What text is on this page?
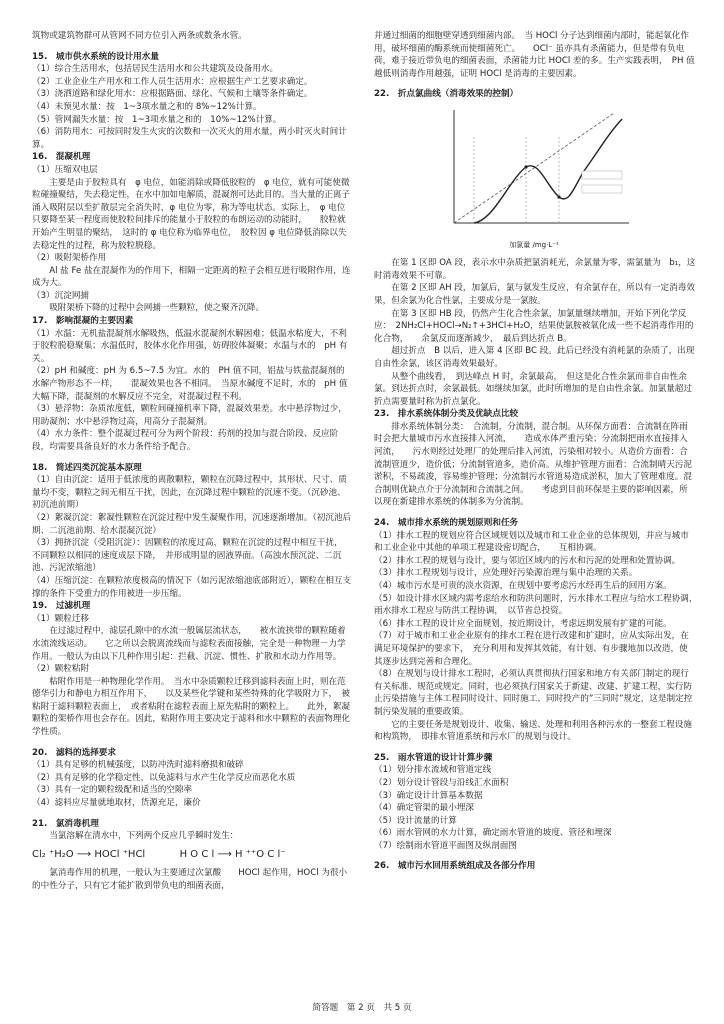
筑物或建筑物群可从管网不同方位引入两条或数条水管。

15.　城市供水系统的设计用水量

（1）综合生活用水，包括居民生活用水和公共建筑及设备用水。

（2）工业企业生产用水和工作人员生活用水：应根据生产工艺要求确定。

（3）浇洒道路和绿化用水：应根据路面、绿化、气候和土壤等条件确定。

（4）未预见水量：按　1~3项水量之和的 8%~12%计算。

（5）管网漏失水量：按　1~3项水量之和的　10%~12%计算。

（6）消防用水：可按同时发生火灾的次数和一次灭火的用水量，两小时灭火时间计算。

16.　混凝机理

（1）压缩双电层

主要是由于胶粒具有　φ 电位，如能消除或降低胶粒的　φ 电位，就有可能使微粒碰撞聚结，失去稳定性，在水中加如电解质，混凝剂可达此目的。当大量的正离子涌入吸附层以至扩散层完全消失时，φ 电位为零，称为等电状态。实际上，　φ 电位只要降至某一程度而使胶粒间排斥的能量小于胶粒的布朗运动的动能时，　　胶粒就开始产生明显的聚结，　这时的 φ 电位称为临界电位，　胶粒因 φ 电位降低消除以失去稳定性的过程，称为胶粒脱稳。

（2）吸附架桥作用

Al 盐 Fe 盐在混凝作为的作用下，相隔一定距离的粒子会相互进行吸附作用，连成为大。

（3）沉淀网捕

吸附架桥下降的过程中会网捕一些颗粒，使之聚齐沉降。

17.　影响混凝的主要因素

（1）水温：无机盐混凝剂水解吸热，低温水混凝剂水解困难；低温水粘度大，不利于胶粒脱稳聚集；水温低时，胶体水化作用强，妨碍胶体凝聚；水温与水的　pH 有关。

（2）pH 和碱度：pH 为 6.5~7.5 为宜。水的　PH 值不同，铝盐与铁盐混凝剂的水解产物形态不一样，　　混凝效果也各不相同。　当原水碱度不足时，水的　pH 值大幅下降，混凝剂的水解反应不完全，对混凝过程不利。

（3）悬浮物：杂质浓度低，颗粒间碰撞机率下降，混凝效果差。水中悬浮物过少，用助凝剂；水中悬浮物过高，用高分子混凝剂。

（4）水力条件：整个混凝过程可分为两个阶段：药剂的投加与混合阶段、反应阶段，均需要具备良好的水力条件给予配合。

18.　简述四类沉淀基本原理

（1）自由沉淀：适用于低浓度的离散颗粒，颗粒在沉降过程中，其形状、尺寸、质量均不变，颗粒之间无相互干扰，因此，在沉降过程中颗粒的沉速不变。（沉砂池、初沉池前期）

（2）絮凝沉淀：絮凝性颗粒在沉淀过程中发生凝聚作用，沉速逐渐增加。（初沉池后期、二沉池前期、给水混凝沉淀）

（3）拥挤沉淀（受阻沉淀）：因颗粒的浓度过高，颗粒在沉淀的过程中相互干扰，　不同颗粒以相同的速度成层下降，　并形成明显的固液界面。（高浊水预沉淀、二沉池、污泥浓缩池）

（4）压缩沉淀：在颗粒浓度极高的情况下（如污泥浓缩池底部附近），颗粒在相互支撑的条件下受重力的作用被进一步压缩。

19.　过滤机理

（1）颗粒迁移

在过滤过程中，滤层孔隙中的水流一般属层流状态，　　被水流挟带的颗粒随着水流流线运动。　　它之所以会脱离流线而与滤粒表面接触，完全是一种物理－力学作用。一般认为由以下几种作用引起：拦截、沉淀、惯性、扩散和水动力作用等。

（2）颗粒粘附

粘附作用是一种物理化学作用。　当水中杂质颗粒迁移到滤料表面上时，则在范德华引力和静电力相互作用下，　　以及某些化学键和某些特殊的化学吸附力下，　被粘附于滤料颗粒表面上，　或者粘附在滤粒表面上原先粘附的颗粒上。　　此外，絮凝颗粒的架桥作用也会存在。因此，粘附作用主要决定于滤料和水中颗粒的表面物理化学性质。

20.　滤料的选择要求

（1）具有足够的机械强度，以防冲洗时滤料磨损和破碎

（2）具有足够的化学稳定性，以免滤料与水产生化学反应而恶化水质

（3）具有一定的颗粒级配和适当的空隙率

（4）滤料应尽量就地取材，货源充足，廉价

21.　氯消毒机理

当氯溶解在清水中，下列两个反应几乎瞬时发生：

Cl₂ ⁺H₂O ⟶ HOCl ⁺HCl	H O C l ⟶ H ⁺⁺O C l⁻

氯消毒作用的机理，一般认为主要通过次氯酸　　HOCl 起作用，HOCl 为很小的中性分子，只有它才能扩散到带负电的细菌表面，

并通过细菌的细胞壁穿透到细菌内部。　当 HOCl 分子达到细菌内部时，能起氧化作用，破坏细菌的酶系统而使细菌死亡。　　OCl⁻ 虽亦具有杀菌能力，但是带有负电荷，难于接近带负电的细菌表面，杀菌能力比 HOCl 差的多。生产实践表明，　PH 值越低则消毒作用越强，证明 HOCl 是消毒的主要因素。

22.　折点氯曲线（消毒效果的控制）

加氯量 /mg·L⁻¹

在第 1 区即 OA 段，表示水中杂质把氯消耗光，余氯量为零，需氯量为　b₁，这时消毒效果不可靠。

在第 2 区即 AH 段，加氯后，氯与氨发生反应，有余氯存在，所以有一定消毒效果，但余氯为化合性氯，主要成分是一氯胺。

在第 3 区即 HB 段，仍然产生化合性余氯，加氯量继续增加，开始下列化学反应：　2NH₂Cl+HOCl→N₂↑+3HCl+H₂O，结果使氯胺被氧化成一些不起消毒作用的化合物，　　余氯反而逐渐减少，　最后到达折点 B。

超过折点　B 以后，进入第 4 区即 BC 段。此后已经没有消耗氯的杂质了，出现自由性余氯，该区消毒效果最好。

从整个曲线看，　到达峰点 H 时，余氯最高，　但这是化合性余氯而非自由性余氯。到达折点时，余氯最低。如继续加氯，此时所增加的是自由性余氯。加氯量超过折点需要量时称为折点氯化。

23.　排水系统体制分类及优缺点比较

排水系统体制分类：　合流制，分流制，混合制。从环保方面看：合流制在阵雨时会把大量城市污水直接排入河流，　　造成水体严重污染；分流制把雨水直接排入河流，　　污水则经过处理厂的处理后排入河流，污染相对较小。从造价方面看：合流制管道少，造价低；分流制管道多，造价高。从维护管理方面看：合流制晴天污泥淤积，不易疏浚，容易维护管理；分流制污水管道易造成淤积，加大了管理难度。混合制则优缺点介于分流制和合流制之间。　　考虑到目前环保是主要的影响因素，所以现在新建排水系统的体制多为分流制。

24.　城市排水系统的规划原则和任务

（1）排水工程的规划应符合区域规划以及城市和工业企业的总体规划，并应与城市和工业企业中其他的单项工程建设密切配合，　　互相协调。

（2）排水工程的规划与设计，要与邻近区域内的污水和污泥的处理和处置协调。

（3）排水工程规划与设计，应处理好污染源治理与集中治理的关系。

（4）城市污水是可贵的淡水资源，在规划中要考虑污水经再生后的回用方案。

（5）如设计排水区域内需考虑给水和防洪问题时，污水排水工程应与给水工程协调，　雨水排水工程应与防洪工程协调，　以节省总投资。

（6）排水工程的设计应全面规划，按近期设计，考虑远期发展有扩建的可能。

（7）对于城市和工业企业原有的排水工程在进行改建和扩建时，应从实际出发，在满足环境保护的要求下，　充分利用和发挥其效能，有计划、有步骤地加以改造，使其逐步达到完善和合理化。

（8）在规划与设计排水工程时，必须认真贯彻执行国家和地方有关部门制定的现行有关标准、规范或规定。同时，也必须执行国家关于新建、改建、扩建工程，实行防止污染措施与主体工程同时设计、同时施工、同时投产的”三同时”规定，这是制定控制污染发展的重要政策。

它的主要任务是规划设计、收集、输送、处理和利用各种污水的一整套工程设施和构筑物，　即排水管道系统和污水厂的规划与设计。

25.　雨水管道的设计计算步骤

（1）划分排水流域和管道定线

（2）划分设计管段与沿线汇水面积

（3）确定设计计算基本数据

（4）确定管渠的最小埋深

（5）设计流量的计算

（6）雨水管网的水力计算，确定雨水管道的坡度、管径和埋深

（7）绘制雨水管道平面图及纵剖面图

26.　城市污水回用系统组成及各部分作用

简答题　第 2 页　共 5 页
